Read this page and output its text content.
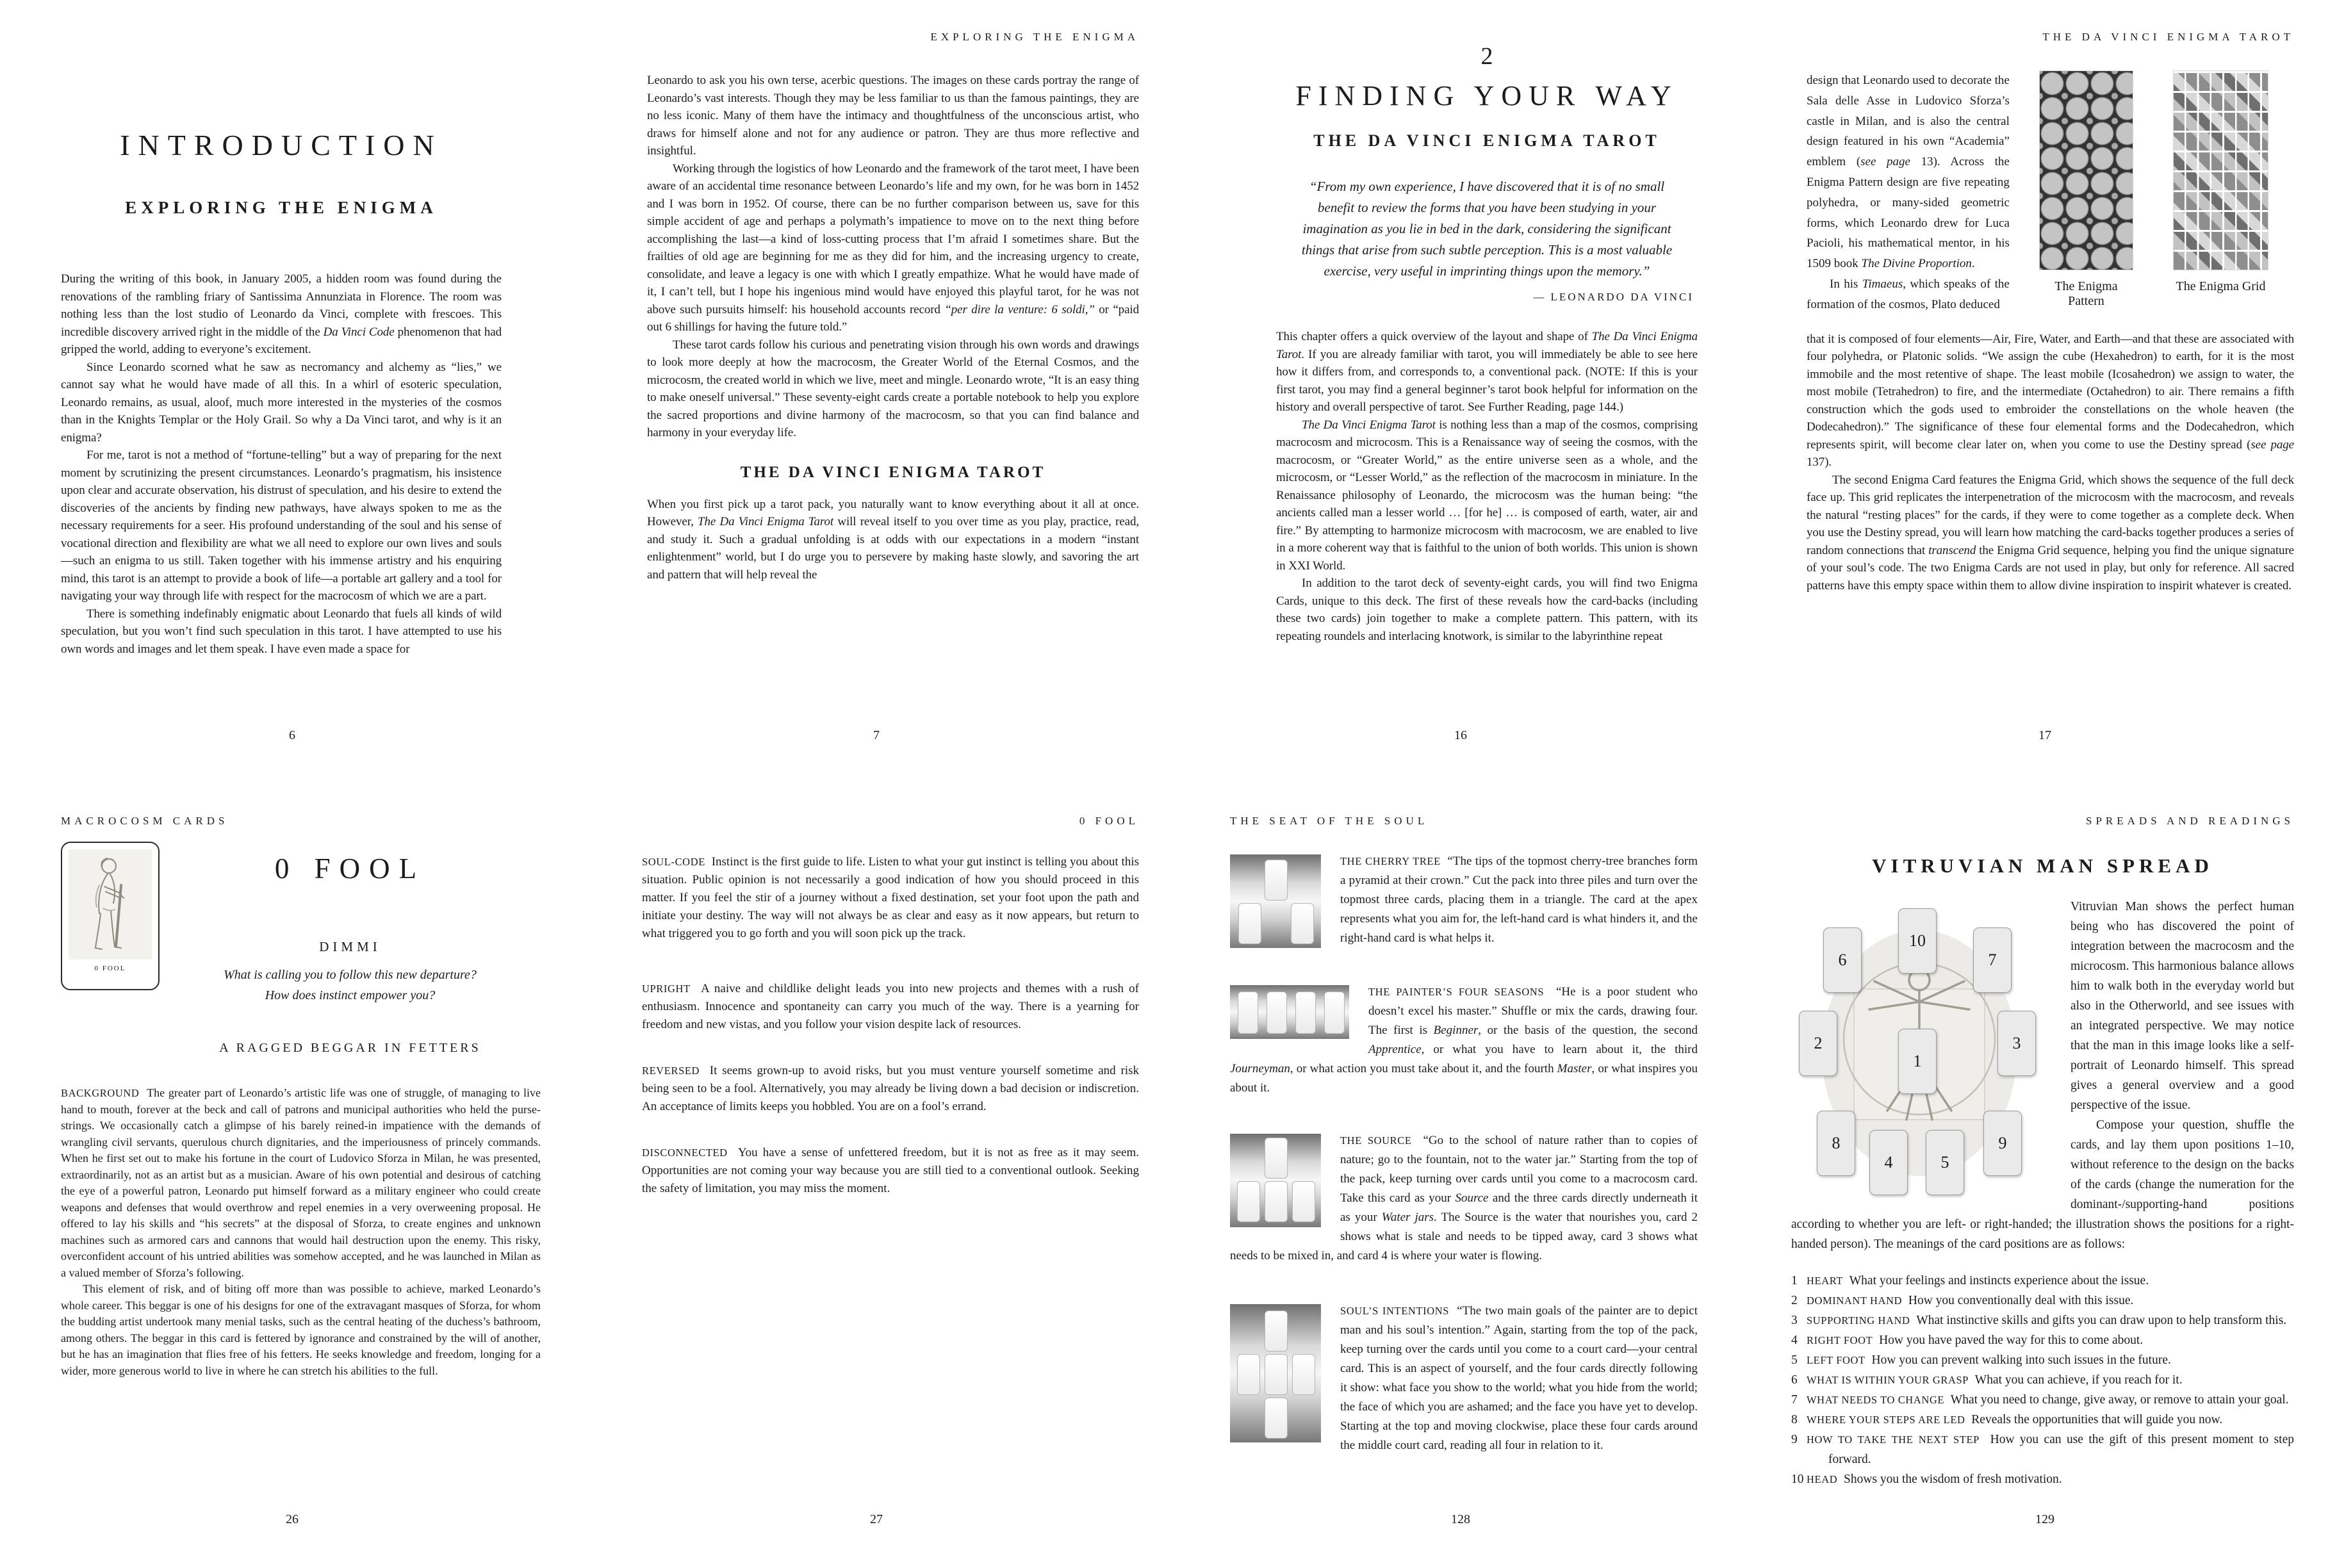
INTRODUCTION
EXPLORING THE ENIGMA

During the writing of this book, in January 2005, a hidden room was found during the renovations of the rambling friary of Santissima Annunziata in Florence. The room was nothing less than the lost studio of Leonardo da Vinci, complete with frescoes. This incredible discovery arrived right in the middle of the Da Vinci Code phenomenon that had gripped the world, adding to everyone’s excitement.

Since Leonardo scorned what he saw as necromancy and alchemy as “lies,” we cannot say what he would have made of all this. In a whirl of esoteric speculation, Leonardo remains, as usual, aloof, much more interested in the mysteries of the cosmos than in the Knights Templar or the Holy Grail. So why a Da Vinci tarot, and why is it an enigma?

For me, tarot is not a method of “fortune-telling” but a way of preparing for the next moment by scrutinizing the present circumstances. Leonardo’s pragmatism, his insistence upon clear and accurate observation, his distrust of speculation, and his desire to extend the discoveries of the ancients by finding new pathways, have always spoken to me as the necessary requirements for a seer. His profound understanding of the soul and his sense of vocational direction and flexibility are what we all need to explore our own lives and souls—such an enigma to us still. Taken together with his immense artistry and his enquiring mind, this tarot is an attempt to provide a book of life—a portable art gallery and a tool for navigating your way through life with respect for the macrocosm of which we are a part.

There is something indefinably enigmatic about Leonardo that fuels all kinds of wild speculation, but you won’t find such speculation in this tarot. I have attempted to use his own words and images and let them speak. I have even made a space for

6
EXPLORING THE ENIGMA

Leonardo to ask you his own terse, acerbic questions. The images on these cards portray the range of Leonardo’s vast interests. Though they may be less familiar to us than the famous paintings, they are no less iconic. Many of them have the intimacy and thoughtfulness of the unconscious artist, who draws for himself alone and not for any audience or patron. They are thus more reflective and insightful.

Working through the logistics of how Leonardo and the framework of the tarot meet, I have been aware of an accidental time resonance between Leonardo’s life and my own, for he was born in 1452 and I was born in 1952. Of course, there can be no further comparison between us, save for this simple accident of age and perhaps a polymath’s impatience to move on to the next thing before accomplishing the last—a kind of loss-cutting process that I’m afraid I sometimes share. But the frailties of old age are beginning for me as they did for him, and the increasing urgency to create, consolidate, and leave a legacy is one with which I greatly empathize. What he would have made of it, I can’t tell, but I hope his ingenious mind would have enjoyed this playful tarot, for he was not above such pursuits himself: his household accounts record “per dire la venture: 6 soldi,” or “paid out 6 shillings for having the future told.”

These tarot cards follow his curious and penetrating vision through his own words and drawings to look more deeply at how the macrocosm, the Greater World of the Eternal Cosmos, and the microcosm, the created world in which we live, meet and mingle. Leonardo wrote, “It is an easy thing to make oneself universal.” These seventy-eight cards create a portable notebook to help you explore the sacred proportions and divine harmony of the macrocosm, so that you can find balance and harmony in your everyday life.

THE DA VINCI ENIGMA TAROT

When you first pick up a tarot pack, you naturally want to know everything about it all at once. However, The Da Vinci Enigma Tarot will reveal itself to you over time as you play, practice, read, and study it. Such a gradual unfolding is at odds with our expectations in a modern “instant enlightenment” world, but I do urge you to persevere by making haste slowly, and savoring the art and pattern that will help reveal the

7
2
FINDING YOUR WAY
THE DA VINCI ENIGMA TAROT
“From my own experience, I have discovered that it is of no small benefit to review the forms that you have been studying in your imagination as you lie in bed in the dark, considering the significant things that arise from such subtle perception. This is a most valuable exercise, very useful in imprinting things upon the memory.”
— LEONARDO DA VINCI

This chapter offers a quick overview of the layout and shape of The Da Vinci Enigma Tarot. If you are already familiar with tarot, you will immediately be able to see here how it differs from, and corresponds to, a conventional pack. (NOTE: If this is your first tarot, you may find a general beginner’s tarot book helpful for information on the history and overall perspective of tarot. See Further Reading, page 144.)

The Da Vinci Enigma Tarot is nothing less than a map of the cosmos, comprising macrocosm and microcosm. This is a Renaissance way of seeing the cosmos, with the macrocosm, or “Greater World,” as the entire universe seen as a whole, and the microcosm, or “Lesser World,” as the reflection of the macrocosm in miniature. In the Renaissance philosophy of Leonardo, the microcosm was the human being: “the ancients called man a lesser world … [for he] … is composed of earth, water, air and fire.” By attempting to harmonize microcosm with macrocosm, we are enabled to live in a more coherent way that is faithful to the union of both worlds. This union is shown in XXI World.

In addition to the tarot deck of seventy-eight cards, you will find two Enigma Cards, unique to this deck. The first of these reveals how the card-backs (including these two cards) join together to make a complete pattern. This pattern, with its repeating roundels and interlacing knotwork, is similar to the labyrinthine repeat

16
THE DA VINCI ENIGMA TAROT

design that Leonardo used to decorate the Sala delle Asse in Ludovico Sforza’s castle in Milan, and is also the central design featured in his own “Academia” emblem (see page 13). Across the Enigma Pattern design are five repeating polyhedra, or many-sided geometric forms, which Leonardo drew for Luca Pacioli, his mathematical mentor, in his 1509 book The Divine Proportion.

In his Timaeus, which speaks of the formation of the cosmos, Plato deduced

The Enigma Pattern
The Enigma Grid

that it is composed of four elements—Air, Fire, Water, and Earth—and that these are associated with four polyhedra, or Platonic solids. “We assign the cube (Hexahedron) to earth, for it is the most immobile and the most retentive of shape. The least mobile (Icosahedron) we assign to water, the most mobile (Tetrahedron) to fire, and the intermediate (Octahedron) to air. There remains a fifth construction which the gods used to embroider the constellations on the whole heaven (the Dodecahedron).” The significance of these four elemental forms and the Dodecahedron, which represents spirit, will become clear later on, when you come to use the Destiny spread (see page 137).

The second Enigma Card features the Enigma Grid, which shows the sequence of the full deck face up. This grid replicates the interpenetration of the microcosm with the macrocosm, and reveals the natural “resting places” for the cards, if they were to come together as a complete deck. When you use the Destiny spread, you will learn how matching the card-backs together produces a series of random connections that transcend the Enigma Grid sequence, helping you find the unique signature of your soul’s code. The two Enigma Cards are not used in play, but only for reference. All sacred patterns have this empty space within them to allow divine inspiration to inspirit whatever is created.

17
MACROCOSM CARDS
0 FOOL
0 FOOL
DIMMI
What is calling you to follow this new departure?
How does instinct empower you?
A RAGGED BEGGAR IN FETTERS

BACKGROUND The greater part of Leonardo’s artistic life was one of struggle, of managing to live hand to mouth, forever at the beck and call of patrons and municipal authorities who held the purse-strings. We occasionally catch a glimpse of his barely reined-in impatience with the demands of wrangling civil servants, querulous church dignitaries, and the imperiousness of princely commands. When he first set out to make his fortune in the court of Ludovico Sforza in Milan, he was presented, extraordinarily, not as an artist but as a musician. Aware of his own potential and desirous of catching the eye of a powerful patron, Leonardo put himself forward as a military engineer who could create weapons and defenses that would overthrow and repel enemies in a very overweening proposal. He offered to lay his skills and “his secrets” at the disposal of Sforza, to create engines and unknown machines such as armored cars and cannons that would hail destruction upon the enemy. This risky, overconfident account of his untried abilities was somehow accepted, and he was launched in Milan as a valued member of Sforza’s following.

This element of risk, and of biting off more than was possible to achieve, marked Leonardo’s whole career. This beggar is one of his designs for one of the extravagant masques of Sforza, for whom the budding artist undertook many menial tasks, such as the central heating of the duchess’s bathroom, among others. The beggar in this card is fettered by ignorance and constrained by the will of another, but he has an imagination that flies free of his fetters. He seeks knowledge and freedom, longing for a wider, more generous world to live in where he can stretch his abilities to the full.

26
0 FOOL

SOUL-CODE Instinct is the first guide to life. Listen to what your gut instinct is telling you about this situation. Public opinion is not necessarily a good indication of how you should proceed in this matter. If you feel the stir of a journey without a fixed destination, set your foot upon the path and initiate your destiny. The way will not always be as clear and easy as it now appears, but return to what triggered you to go forth and you will soon pick up the track.

UPRIGHT A naive and childlike delight leads you into new projects and themes with a rush of enthusiasm. Innocence and spontaneity can carry you much of the way. There is a yearning for freedom and new vistas, and you follow your vision despite lack of resources.

REVERSED It seems grown-up to avoid risks, but you must venture yourself sometime and risk being seen to be a fool. Alternatively, you may already be living down a bad decision or indiscretion. An acceptance of limits keeps you hobbled. You are on a fool’s errand.

DISCONNECTED You have a sense of unfettered freedom, but it is not as free as it may seem. Opportunities are not coming your way because you are still tied to a conventional outlook. Seeking the safety of limitation, you may miss the moment.

27
THE SEAT OF THE SOUL

THE CHERRY TREE “The tips of the topmost cherry-tree branches form a pyramid at their crown.” Cut the pack into three piles and turn over the topmost three cards, placing them in a triangle. The card at the apex represents what you aim for, the left-hand card is what hinders it, and the right-hand card is what helps it.

THE PAINTER’S FOUR SEASONS “He is a poor student who doesn’t excel his master.” Shuffle or mix the cards, drawing four. The first is Beginner, or the basis of the question, the second Apprentice, or what you have to learn about it, the third Journeyman, or what action you must take about it, and the fourth Master, or what inspires you about it.

THE SOURCE “Go to the school of nature rather than to copies of nature; go to the fountain, not to the water jar.” Starting from the top of the pack, keep turning over cards until you come to a macrocosm card. Take this card as your Source and the three cards directly underneath it as your Water jars. The Source is the water that nourishes you, card 2 shows what is stale and needs to be tipped away, card 3 shows what needs to be mixed in, and card 4 is where your water is flowing.

SOUL’S INTENTIONS “The two main goals of the painter are to depict man and his soul’s intention.” Again, starting from the top of the pack, keep turning over the cards until you come to a court card—your central card. This is an aspect of yourself, and the four cards directly following it show: what face you show to the world; what you hide from the world; the face of which you are ashamed; and the face you have yet to develop. Starting at the top and moving clockwise, place these four cards around the middle court card, reading all four in relation to it.

128
SPREADS AND READINGS
VITRUVIAN MAN SPREAD
10
6	7
2	3
1
8	9
4	5

Vitruvian Man shows the perfect human being who has discovered the point of integration between the macrocosm and the microcosm. This harmonious balance allows him to walk both in the everyday world but also in the Otherworld, and see issues with an integrated perspective. We may notice that the man in this image looks like a self-portrait of Leonardo himself. This spread gives a general overview and a good perspective of the issue.

Compose your question, shuffle the cards, and lay them upon positions 1–10, without reference to the design on the backs of the cards (change the numeration for the dominant-/supporting-hand positions according to whether you are left- or right-handed; the illustration shows the positions for a right-handed person). The meanings of the card positions are as follows:

1 HEART What your feelings and instincts experience about the issue.

2 DOMINANT HAND How you conventionally deal with this issue.

3 SUPPORTING HAND What instinctive skills and gifts you can draw upon to help transform this.

4 RIGHT FOOT How you have paved the way for this to come about.

5 LEFT FOOT How you can prevent walking into such issues in the future.

6 WHAT IS WITHIN YOUR GRASP What you can achieve, if you reach for it.

7 WHAT NEEDS TO CHANGE What you need to change, give away, or remove to attain your goal.

8 WHERE YOUR STEPS ARE LED Reveals the opportunities that will guide you now.

9 HOW TO TAKE THE NEXT STEP How you can use the gift of this present moment to step forward.

10 HEAD Shows you the wisdom of fresh motivation.

129
